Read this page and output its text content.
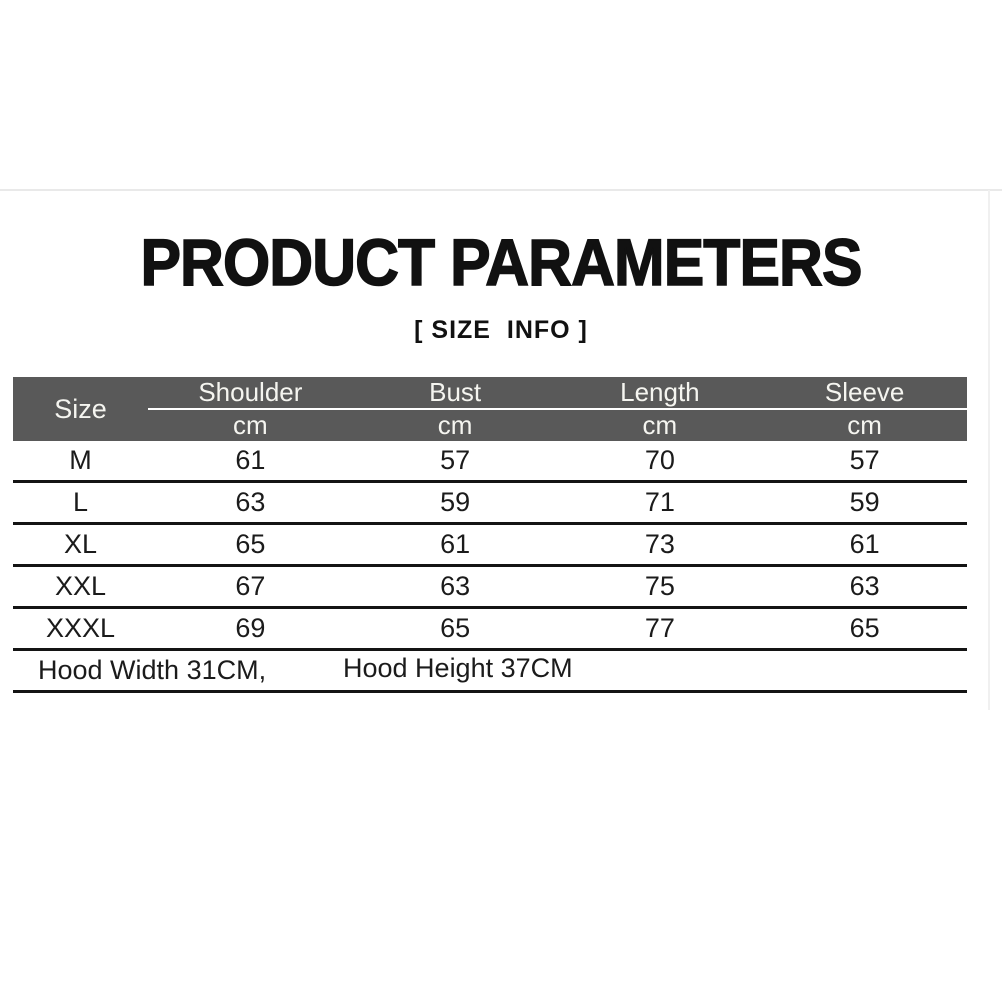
PRODUCT PARAMETERS
[ SIZE  INFO ]
Size
Shoulder	Bust	Length	Sleeve
cm	cm	cm	cm
M	61	57	70	57
L	63	59	71	59
XL	65	61	73	61
XXL	67	63	75	63
XXXL	69	65	77	65
Hood Width 31CM,	Hood Height 37CM
